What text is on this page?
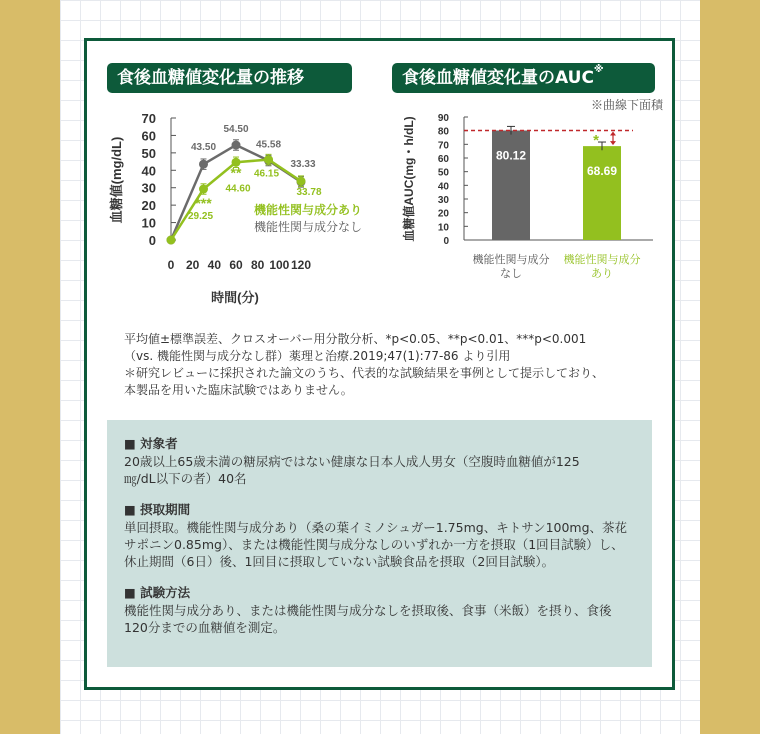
食後血糖値変化量の推移	食後血糖値変化量のAUC※
0
10
20
30
40
50
60
70
0 20 40 60 80 100 120
時間(分)
血糖値(mg/dL)	43.50
54.50
45.58
33.33
29.25
***
44.60
** 46.15
33.78
機能性関与成分あり
機能性関与成分なし
※曲線下面積
0
10
20
30
40
50
60
70
80
90
血糖値AUC(mg・h/dL)	80.12
機能性関与成分
なし
68.69
機能性関与成分
あり
*
平均値±標準誤差、クロスオーバー用分散分析、*p<0.05、**p<0.01、***p<0.001
（vs. 機能性関与成分なし群）薬理と治療.2019;47(1):77-86 より引用
＊研究レビューに採択された論文のうち、代表的な試験結果を事例として提示しており、
本製品を用いた臨床試験ではありません。
■ 対象者
20歳以上65歳未満の糖尿病ではない健康な日本人成人男女（空腹時血糖値が125
㎎/dL以下の者）40名
■ 摂取期間
単回摂取。機能性関与成分あり（桑の葉イミノシュガー1.75mg、キトサン100mg、茶花
サポニン0.85mg）、または機能性関与成分なしのいずれか一方を摂取（1回目試験）し、
休止期間（6日）後、1回目に摂取していない試験食品を摂取（2回目試験）。
■ 試験方法
機能性関与成分あり、または機能性関与成分なしを摂取後、食事（米飯）を摂り、食後
120分までの血糖値を測定。
